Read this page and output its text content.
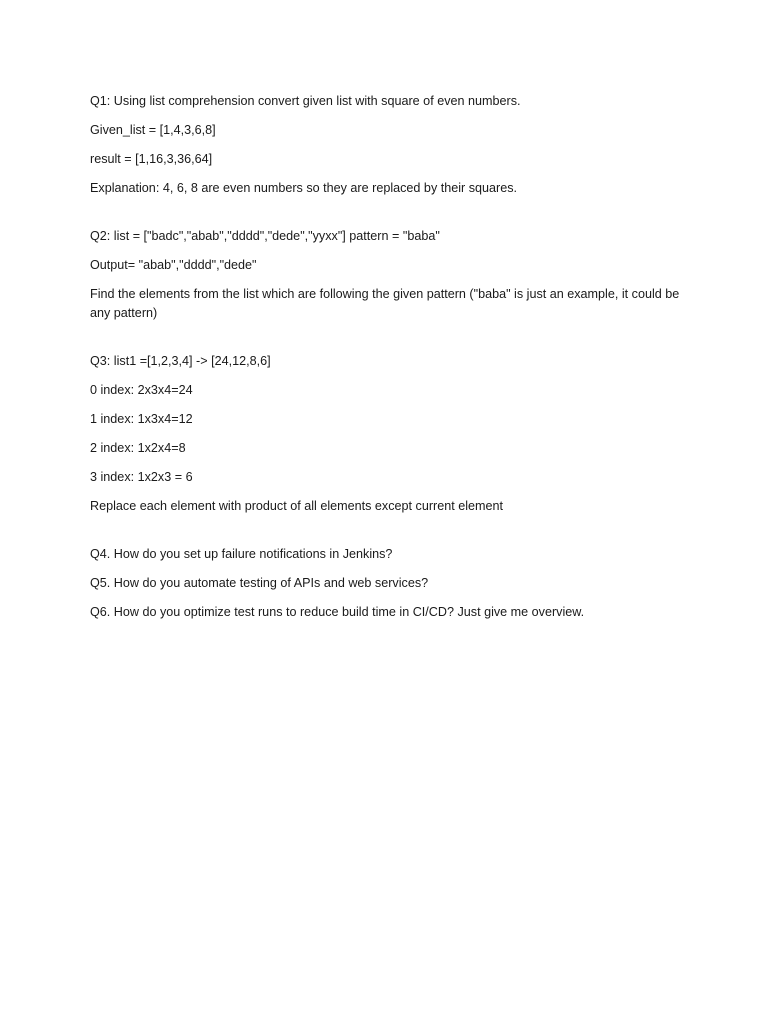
Q1: Using list comprehension convert given list with square of even numbers.

Given_list = [1,4,3,6,8]

result = [1,16,3,36,64]

Explanation: 4, 6, 8 are even numbers so they are replaced by their squares.

Q2: list = ["badc","abab","dddd","dede","yyxx"] pattern = "baba"

Output= "abab","dddd","dede"

Find the elements from the list which are following the given pattern ("baba" is just an example, it could be any pattern)

Q3: list1 =[1,2,3,4] -> [24,12,8,6]

0 index: 2x3x4=24

1 index: 1x3x4=12

2 index: 1x2x4=8

3 index: 1x2x3 = 6

Replace each element with product of all elements except current element

Q4. How do you set up failure notifications in Jenkins?

Q5. How do you automate testing of APIs and web services?

Q6. How do you optimize test runs to reduce build time in CI/CD? Just give me overview.
